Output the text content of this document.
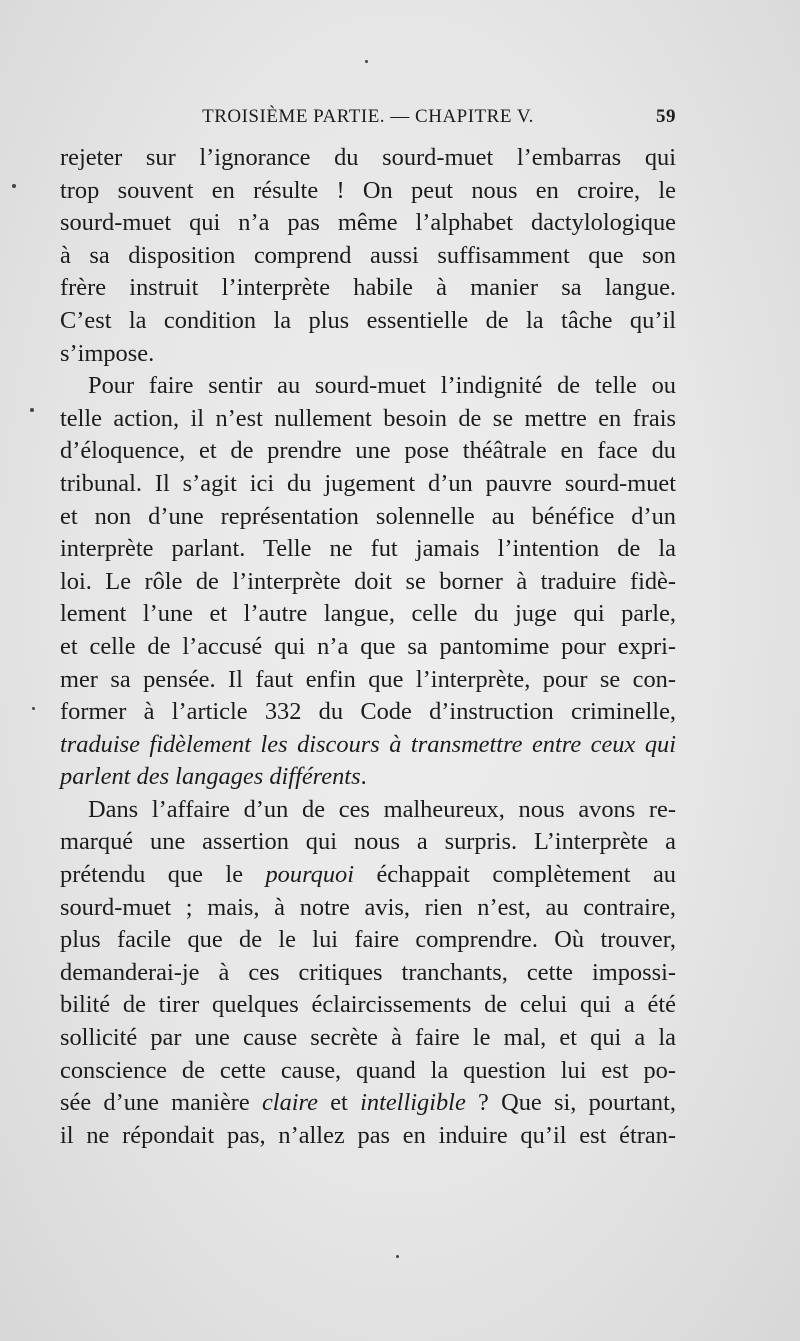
TROISIÈME PARTIE. — CHAPITRE V.	59
rejeter sur l’ignorance du sourd-muet l’embarras qui
trop souvent en résulte ! On peut nous en croire, le
sourd-muet qui n’a pas même l’alphabet dactylologique
à sa disposition comprend aussi suffisamment que son
frère instruit l’interprète habile à manier sa langue.
C’est la condition la plus essentielle de la tâche qu’il
s’impose.
Pour faire sentir au sourd-muet l’indignité de telle ou
telle action, il n’est nullement besoin de se mettre en frais
d’éloquence, et de prendre une pose théâtrale en face du
tribunal. Il s’agit ici du jugement d’un pauvre sourd-muet
et non d’une représentation solennelle au bénéfice d’un
interprète parlant. Telle ne fut jamais l’intention de la
loi. Le rôle de l’interprète doit se borner à traduire fidè-
lement l’une et l’autre langue, celle du juge qui parle,
et celle de l’accusé qui n’a que sa pantomime pour expri-
mer sa pensée. Il faut enfin que l’interprète, pour se con-
former à l’article 332 du Code d’instruction criminelle,
traduise fidèlement les discours à transmettre entre ceux qui
parlent des langages différents.
Dans l’affaire d’un de ces malheureux, nous avons re-
marqué une assertion qui nous a surpris. L’interprète a
prétendu que le pourquoi échappait complètement au
sourd-muet ; mais, à notre avis, rien n’est, au contraire,
plus facile que de le lui faire comprendre. Où trouver,
demanderai-je à ces critiques tranchants, cette impossi-
bilité de tirer quelques éclaircissements de celui qui a été
sollicité par une cause secrète à faire le mal, et qui a la
conscience de cette cause, quand la question lui est po-
sée d’une manière claire et intelligible ? Que si, pourtant,
il ne répondait pas, n’allez pas en induire qu’il est étran-
